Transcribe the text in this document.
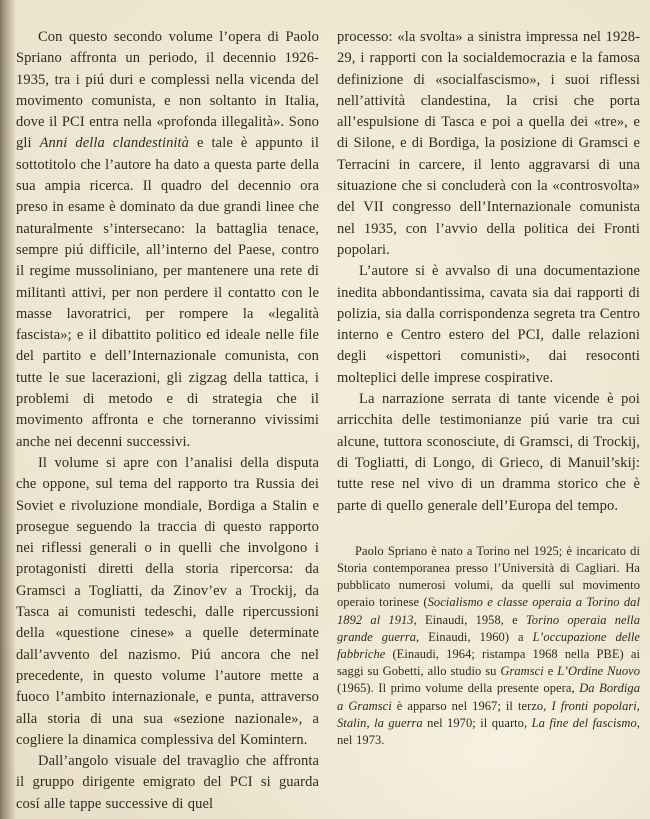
Con questo secondo volume l’opera di Paolo Spriano affronta un periodo, il decennio 1926-1935, tra i piú duri e complessi nella vicenda del movimento comunista, e non soltanto in Italia, dove il PCI entra nella «profonda illegalità». Sono gli Anni della clandestinità e tale è appunto il sottotitolo che l’autore ha dato a questa parte della sua ampia ricerca. Il quadro del decennio ora preso in esame è dominato da due grandi linee che naturalmente s’intersecano: la battaglia tenace, sempre piú difficile, all’interno del Paese, contro il regime mussoliniano, per mantenere una rete di militanti attivi, per non perdere il contatto con le masse lavoratrici, per rompere la «legalità fascista»; e il dibattito politico ed ideale nelle file del partito e dell’Internazionale comunista, con tutte le sue lacerazioni, gli zigzag della tattica, i problemi di metodo e di strategia che il movimento affronta e che torneranno vivissimi anche nei decenni successivi.

Il volume si apre con l’analisi della disputa che oppone, sul tema del rapporto tra Russia dei Soviet e rivoluzione mondiale, Bordiga a Stalin e prosegue seguendo la traccia di questo rapporto nei riflessi generali o in quelli che involgono i protagonisti diretti della storia ripercorsa: da Gramsci a Togliatti, da Zinov’ev a Trockij, da Tasca ai comunisti tedeschi, dalle ripercussioni della «questione cinese» a quelle determinate dall’avvento del nazismo. Piú ancora che nel precedente, in questo volume l’autore mette a fuoco l’ambito internazionale, e punta, attraverso alla storia di una sua «sezione nazionale», a cogliere la dinamica complessiva del Komintern.

Dall’angolo visuale del travaglio che affronta il gruppo dirigente emigrato del PCI si guarda cosí alle tappe successive di quel

processo: «la svolta» a sinistra impressa nel 1928-29, i rapporti con la socialdemocrazia e la famosa definizione di «socialfascismo», i suoi riflessi nell’attività clandestina, la crisi che porta all’espulsione di Tasca e poi a quella dei «tre», e di Silone, e di Bordiga, la posizione di Gramsci e Terracini in carcere, il lento aggravarsi di una situazione che si concluderà con la «controsvolta» del VII congresso dell’Internazionale comunista nel 1935, con l’avvio della politica dei Fronti popolari.

L’autore si è avvalso di una documentazione inedita abbondantissima, cavata sia dai rapporti di polizia, sia dalla corrispondenza segreta tra Centro interno e Centro estero del PCI, dalle relazioni degli «ispettori comunisti», dai resoconti molteplici delle imprese cospirative.

La narrazione serrata di tante vicende è poi arricchita delle testimonianze piú varie tra cui alcune, tuttora sconosciute, di Gramsci, di Trockij, di Togliatti, di Longo, di Grieco, di Manuil’skij: tutte rese nel vivo di un dramma storico che è parte di quello generale dell’Europa del tempo.

Paolo Spriano è nato a Torino nel 1925; è incaricato di Storia contemporanea presso l’Università di Cagliari. Ha pubblicato numerosi volumi, da quelli sul movimento operaio torinese (Socialismo e classe operaia a Torino dal 1892 al 1913, Einaudi, 1958, e Torino operaia nella grande guerra, Einaudi, 1960) a L’occupazione delle fabbriche (Einaudi, 1964; ristampa 1968 nella PBE) ai saggi su Gobetti, allo studio su Gramsci e L’Ordine Nuovo (1965). Il primo volume della presente opera, Da Bordiga a Gramsci è apparso nel 1967; il terzo, I fronti popolari, Stalin, la guerra nel 1970; il quarto, La fine del fascismo, nel 1973.
